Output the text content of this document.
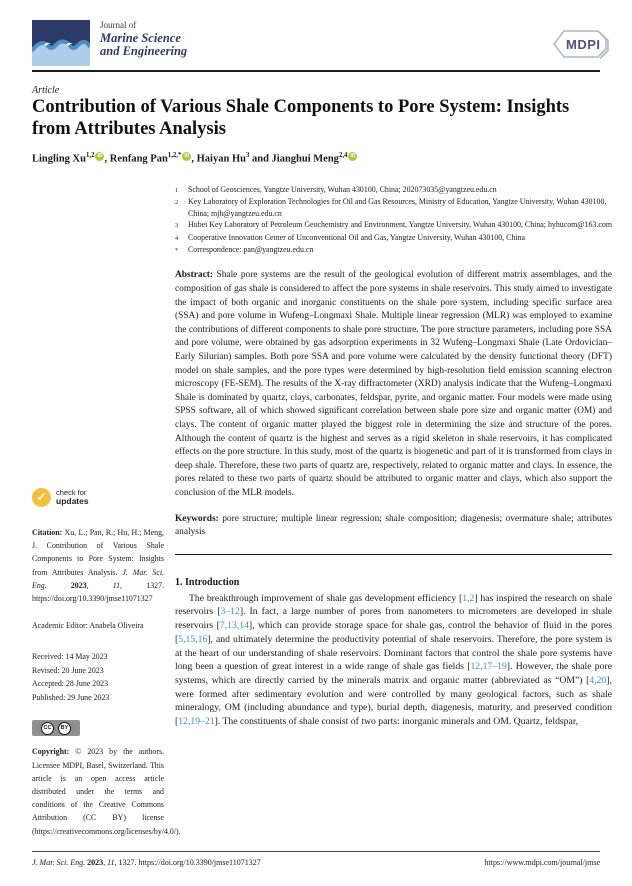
Journal of
Marine Science
and Engineering	MDPI
Article
Contribution of Various Shale Components to Pore System: Insights from Attributes Analysis
Lingling Xu$^{1,2}$ iD , Renfang Pan$^{1,2,*}$ iD , Haiyan Hu$^3$ and Jianghui Meng$^{2,4}$ iD
1	School of Geosciences, Yangtze University, Wuhan 430100, China; 202073035@yangtzeu.edu.cn
2	Key Laboratory of Exploration Technologies for Oil and Gas Resources, Ministry of Education, Yangtze University, Wuhan 430100, China; mjh@yangtzeu.edu.cn
3	Hubei Key Laboratory of Petroleum Geochemistry and Environment, Yangtze University, Wuhan 430100, China; hyhucom@163.com
4	Cooperative Innovation Center of Unconventional Oil and Gas, Yangtze University, Wuhan 430100, China
*	Correspondence: pan@yangtzeu.edu.cn

Abstract: Shale pore systems are the result of the geological evolution of different matrix assemblages, and the composition of gas shale is considered to affect the pore systems in shale reservoirs. This study aimed to investigate the impact of both organic and inorganic constituents on the shale pore system, including specific surface area (SSA) and pore volume in Wufeng–Longmaxi Shale. Multiple linear regression (MLR) was employed to examine the contributions of different components to shale pore structure. The pore structure parameters, including pore SSA and pore volume, were obtained by gas adsorption experiments in 32 Wufeng–Longmaxi Shale (Late Ordovician–Early Silurian) samples. Both pore SSA and pore volume were calculated by the density functional theory (DFT) model on shale samples, and the pore types were determined by high-resolution field emission scanning electron microscopy (FE-SEM). The results of the X-ray diffractometer (XRD) analysis indicate that the Wufeng–Longmaxi Shale is dominated by quartz, clays, carbonates, feldspar, pyrite, and organic matter. Four models were made using SPSS software, all of which showed significant correlation between shale pore size and organic matter (OM) and clays. The content of organic matter played the biggest role in determining the size and structure of the pores. Although the content of quartz is the highest and serves as a rigid skeleton in shale reservoirs, it has complicated effects on the pore structure. In this study, most of the quartz is biogenetic and part of it is transformed from clays in deep shale. Therefore, these two parts of quartz are, respectively, related to organic matter and clays. In essence, the pores related to these two parts of quartz should be attributed to organic matter and clays, which also support the conclusion of the MLR models.

Keywords: pore structure; multiple linear regression; shale composition; diagenesis; overmature shale; attributes analysis

1. Introduction

The breakthrough improvement of shale gas development efficiency [1,2] has inspired the research on shale reservoirs [3–12]. In fact, a large number of pores from nanometers to micrometers are developed in shale reservoirs [7,13,14], which can provide storage space for shale gas, control the behavior of fluid in the pores [5,15,16], and ultimately determine the productivity potential of shale reservoirs. Therefore, the pore system is at the heart of our understanding of shale reservoirs. Dominant factors that control the shale pore systems have long been a question of great interest in a wide range of shale gas fields [12,17–19]. However, the shale pore systems, which are directly carried by the minerals matrix and organic matter (abbreviated as “OM”) [4,20], were formed after sedimentary evolution and were controlled by many geological factors, such as shale mineralogy, OM (including abundance and type), burial depth, diagenesis, maturity, and preserved condition [12,19–21]. The constituents of shale consist of two parts: inorganic minerals and OM. Quartz, feldspar,

✓	check for
updates
Citation: Xu, L.; Pan, R.; Hu, H.; Meng, J. Contribution of Various Shale Components to Pore System: Insights from Attributes Analysis. J. Mar. Sci. Eng. 2023, 11, 1327. https://doi.org/10.3390/jmse11071327
Academic Editor: Anabela Oliveira
Received: 14 May 2023
Revised: 20 June 2023
Accepted: 28 June 2023
Published: 29 June 2023
CC	BY
Copyright: © 2023 by the authors. Licensee MDPI, Basel, Switzerland. This article is an open access article distributed under the terms and conditions of the Creative Commons Attribution (CC BY) license (https://creativecommons.org/licenses/by/4.0/).
J. Mar. Sci. Eng. 2023, 11, 1327. https://doi.org/10.3390/jmse11071327	https://www.mdpi.com/journal/jmse
